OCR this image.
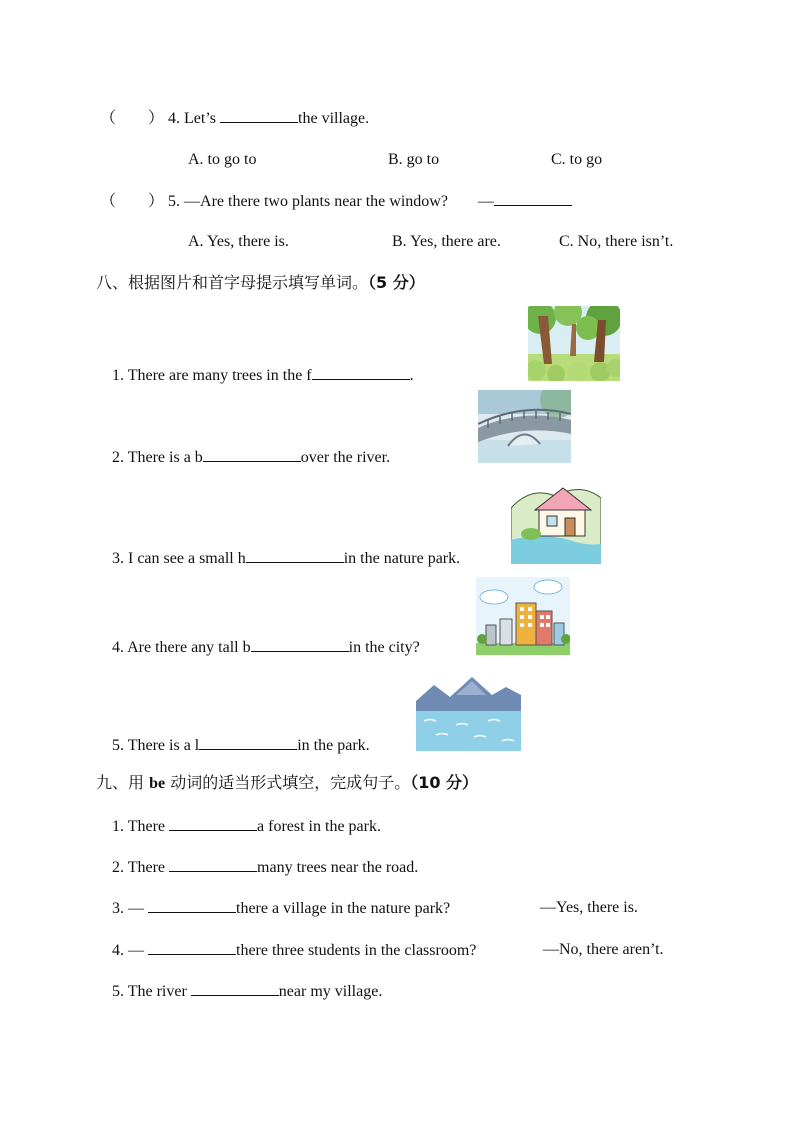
（　　） 4. Let’s	the village.
A. to go to	B. go to	C. to go
（　　） 5. —Are there two plants near the window? —
A. Yes, there is.	B. Yes, there are.	C. No, there isn’t.
八、根据图片和首字母提示填写单词。（5 分）
1. There are many trees in the f	.
2. There is a b	over the river.
3. I can see a small h	in the nature park.
4. Are there any tall b	in the city?
5. There is a l	in the park.
九、用 be 动词的适当形式填空，完成句子。（10 分）
1. There	a forest in the park.
2. There	many trees near the road.
3. —	there a village in the nature park?	—Yes, there is.
4. —	there three students in the classroom?	—No, there aren’t.
5. The river	near my village.
